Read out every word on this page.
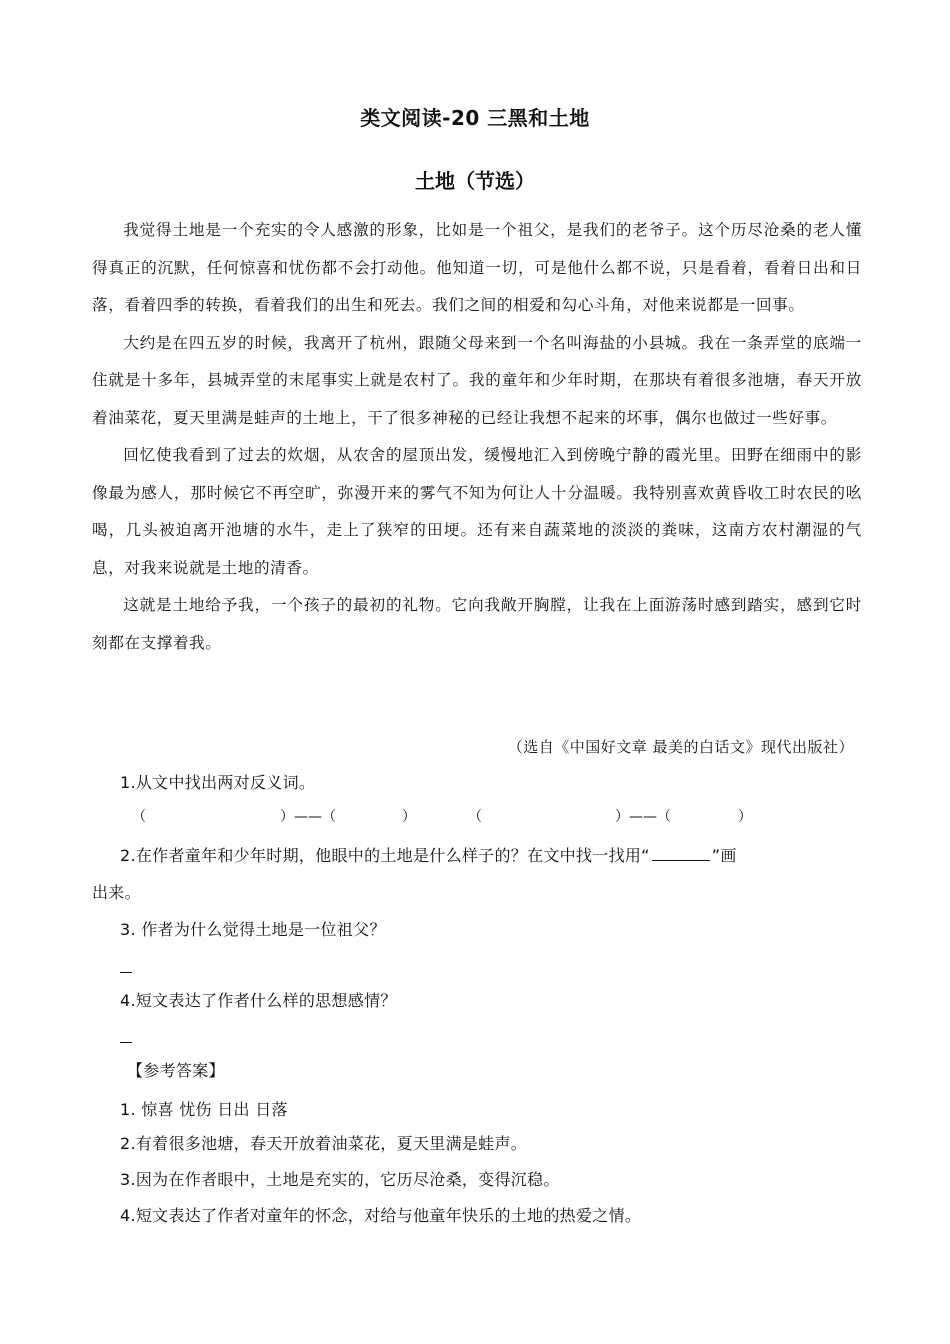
类文阅读-20 三黑和土地
土地（节选）

我觉得土地是一个充实的令人感激的形象，比如是一个祖父，是我们的老爷子。这个历尽沧桑的老人懂得真正的沉默，任何惊喜和忧伤都不会打动他。他知道一切，可是他什么都不说，只是看着，看着日出和日落，看着四季的转换，看着我们的出生和死去。我们之间的相爱和勾心斗角，对他来说都是一回事。

大约是在四五岁的时候，我离开了杭州，跟随父母来到一个名叫海盐的小县城。我在一条弄堂的底端一住就是十多年，县城弄堂的末尾事实上就是农村了。我的童年和少年时期，在那块有着很多池塘，春天开放着油菜花，夏天里满是蛙声的土地上，干了很多神秘的已经让我想不起来的坏事，偶尔也做过一些好事。

回忆使我看到了过去的炊烟，从农舍的屋顶出发，缓慢地汇入到傍晚宁静的霞光里。田野在细雨中的影像最为感人，那时候它不再空旷，弥漫开来的雾气不知为何让人十分温暖。我特别喜欢黄昏收工时农民的吆喝，几头被迫离开池塘的水牛，走上了狭窄的田埂。还有来自蔬菜地的淡淡的粪味，这南方农村潮湿的气息，对我来说就是土地的清香。

这就是土地给予我，一个孩子的最初的礼物。它向我敞开胸膛，让我在上面游荡时感到踏实，感到它时刻都在支撑着我。

（选自《中国好文章 最美的白话文》现代出版社）
1.从文中找出两对反义词。
2.在作者童年和少年时期，他眼中的土地是什么样子的？在文中找一找用“	”画
出来。
3. 作者为什么觉得土地是一位祖父？
4.短文表达了作者什么样的思想感情？
【参考答案】
1. 惊喜 忧伤 日出 日落
2.有着很多池塘，春天开放着油菜花，夏天里满是蛙声。
3.因为在作者眼中，土地是充实的，它历尽沧桑，变得沉稳。
4.短文表达了作者对童年的怀念，对给与他童年快乐的土地的热爱之情。
（	）——（	）	（	）——（	）
